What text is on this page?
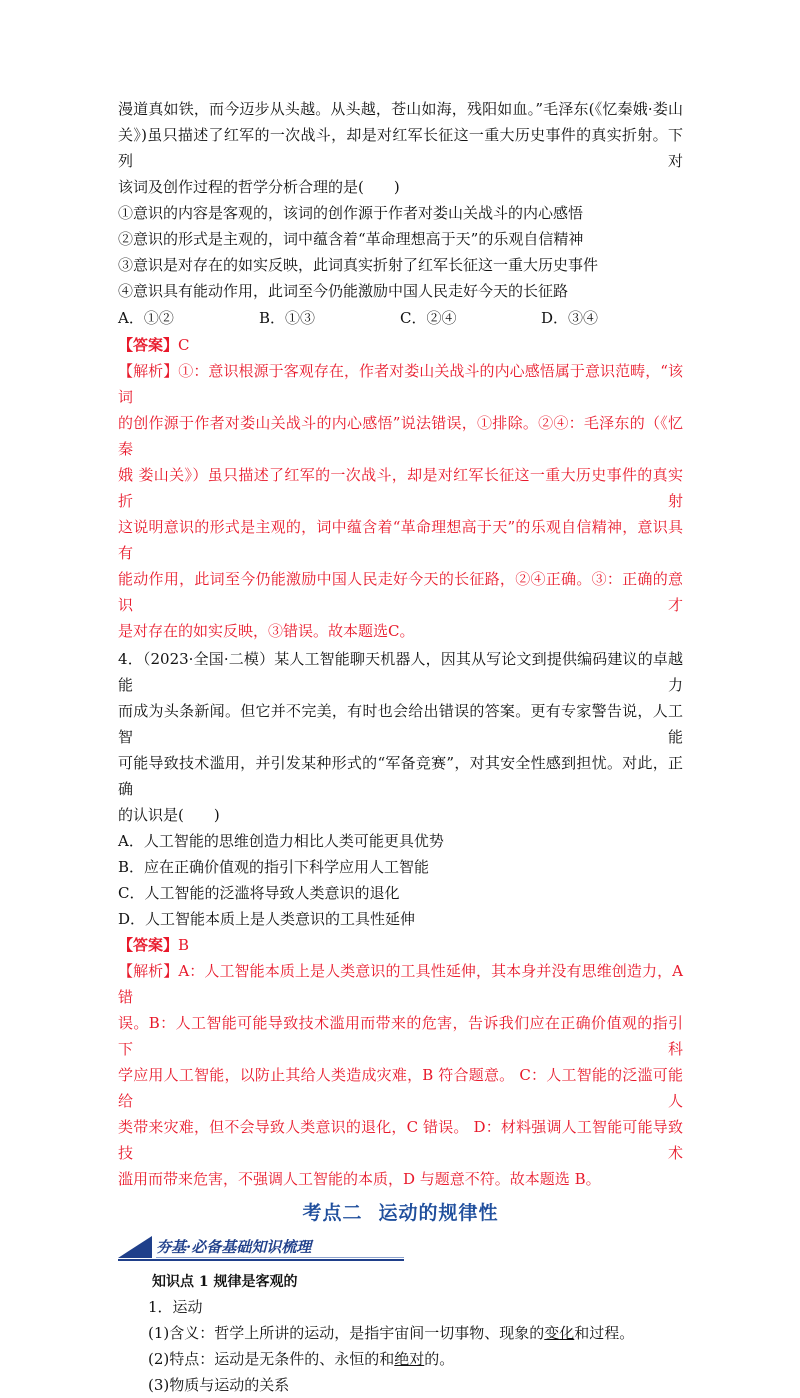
漫道真如铁，而今迈步从头越。从头越，苍山如海，残阳如血。”毛泽东(《忆秦娥·娄山

关》)虽只描述了红军的一次战斗，却是对红军长征这一重大历史事件的真实折射。下列对

该词及创作过程的哲学分析合理的是(　　)

①意识的内容是客观的，该词的创作源于作者对娄山关战斗的内心感悟

②意识的形式是主观的，词中蕴含着“革命理想高于天”的乐观自信精神

③意识是对存在的如实反映，此词真实折射了红军长征这一重大历史事件

④意识具有能动作用，此词至今仍能激励中国人民走好今天的长征路

A．①②	B．①③	C．②④	D．③④

【答案】C

【解析】①：意识根源于客观存在，作者对娄山关战斗的内心感悟属于意识范畴，“该词

的创作源于作者对娄山关战斗的内心感悟”说法错误，①排除。②④：毛泽东的（《忆秦

娥 娄山关》）虽只描述了红军的一次战斗，却是对红军长征这一重大历史事件的真实折射

这说明意识的形式是主观的，词中蕴含着“革命理想高于天”的乐观自信精神，意识具有

能动作用，此词至今仍能激励中国人民走好今天的长征路，②④正确。③：正确的意识才

是对存在的如实反映，③错误。故本题选C。

4．（2023·全国·二模）某人工智能聊天机器人，因其从写论文到提供编码建议的卓越能力

而成为头条新闻。但它并不完美，有时也会给出错误的答案。更有专家警告说，人工智能

可能导致技术滥用，并引发某种形式的“军备竞赛”，对其安全性感到担忧。对此，正确

的认识是(　　)

A．人工智能的思维创造力相比人类可能更具优势

B．应在正确价值观的指引下科学应用人工智能

C．人工智能的泛滥将导致人类意识的退化

D．人工智能本质上是人类意识的工具性延伸

【答案】B

【解析】A：人工智能本质上是人类意识的工具性延伸，其本身并没有思维创造力，A 错

误。B：人工智能可能导致技术滥用而带来的危害，告诉我们应在正确价值观的指引下科

学应用人工智能，以防止其给人类造成灾难，B 符合题意。 C：人工智能的泛滥可能给人

类带来灾难，但不会导致人类意识的退化，C 错误。 D：材料强调人工智能可能导致技术

滥用而带来危害，不强调人工智能的本质，D 与题意不符。故本题选 B。

考点二 运动的规律性
夯基·必备基础知识梳理
知识点 1 规律是客观的

1．运动

(1)含义：哲学上所讲的运动，是指宇宙间一切事物、现象的变化和过程。

(2)特点：运动是无条件的、永恒的和绝对的。

(3)物质与运动的关系
